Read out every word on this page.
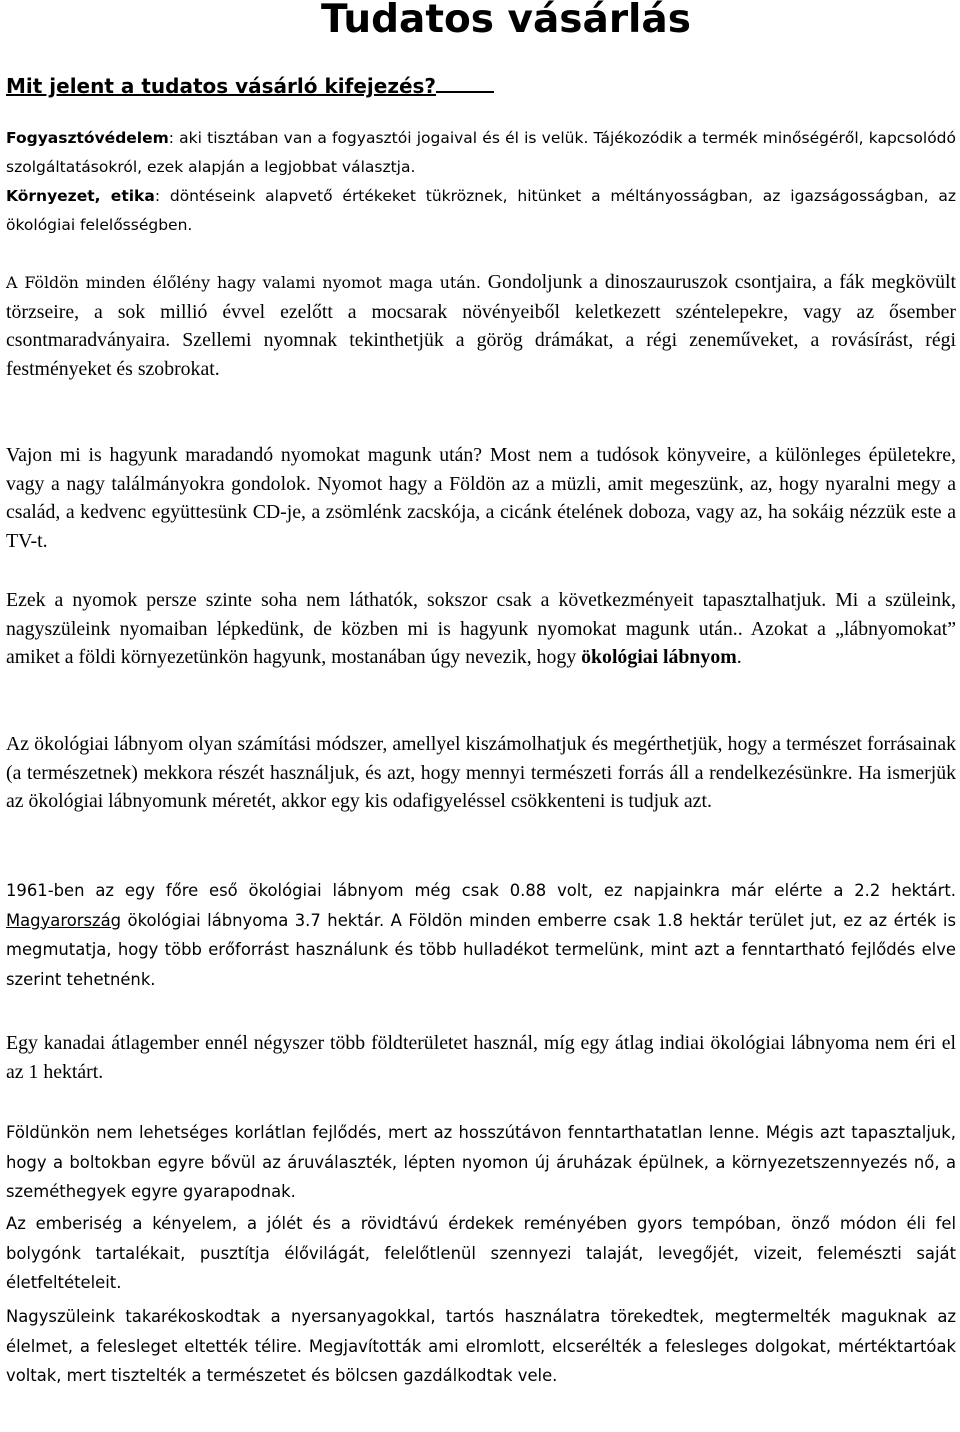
Tudatos vásárlás
Mit jelent a tudatos vásárló kifejezés?

Fogyasztóvédelem: aki tisztában van a fogyasztói jogaival és él is velük. Tájékozódik a termék minőségéről, kapcsolódó szolgáltatásokról, ezek alapján a legjobbat választja.

Környezet, etika: döntéseink alapvető értékeket tükröznek, hitünket a méltányosságban, az igazságosságban, az ökológiai felelősségben.

A Földön minden élőlény hagy valami nyomot maga után. Gondoljunk a dinoszauruszok csontjaira, a fák megkövült törzseire, a sok millió évvel ezelőtt a mocsarak növényeiből keletkezett széntelepekre, vagy az ősember csontmaradványaira. Szellemi nyomnak tekinthetjük a görög drámákat, a régi zeneműveket, a rovásírást, régi festményeket és szobrokat.

Vajon mi is hagyunk maradandó nyomokat magunk után? Most nem a tudósok könyveire, a különleges épületekre, vagy a nagy találmányokra gondolok. Nyomot hagy a Földön az a müzli, amit megeszünk, az, hogy nyaralni megy a család, a kedvenc együttesünk CD-je, a zsömlénk zacskója, a cicánk ételének doboza, vagy az, ha sokáig nézzük este a TV-t.

Ezek a nyomok persze szinte soha nem láthatók, sokszor csak a következményeit tapasztalhatjuk. Mi a szüleink, nagyszüleink nyomaiban lépkedünk, de közben mi is hagyunk nyomokat magunk után.. Azokat a „lábnyomokat” amiket a földi környezetünkön hagyunk, mostanában úgy nevezik, hogy ökológiai lábnyom.

Az ökológiai lábnyom olyan számítási módszer, amellyel kiszámolhatjuk és megérthetjük, hogy a természet forrásainak (a természetnek) mekkora részét használjuk, és azt, hogy mennyi természeti forrás áll a rendelkezésünkre. Ha ismerjük az ökológiai lábnyomunk méretét, akkor egy kis odafigyeléssel csökkenteni is tudjuk azt.

1961-ben az egy főre eső ökológiai lábnyom még csak 0.88 volt, ez napjainkra már elérte a 2.2 hektárt. Magyarország ökológiai lábnyoma 3.7 hektár. A Földön minden emberre csak 1.8 hektár terület jut, ez az érték is megmutatja, hogy több erőforrást használunk és több hulladékot termelünk, mint azt a fenntartható fejlődés elve szerint tehetnénk.

Egy kanadai átlagember ennél négyszer több földterületet használ, míg egy átlag indiai ökológiai lábnyoma nem éri el az 1 hektárt.

Földünkön nem lehetséges korlátlan fejlődés, mert az hosszútávon fenntarthatatlan lenne. Mégis azt tapasztaljuk, hogy a boltokban egyre bővül az áruválaszték, lépten nyomon új áruházak épülnek, a környezetszennyezés nő, a szeméthegyek egyre gyarapodnak.

Az emberiség a kényelem, a jólét és a rövidtávú érdekek reményében gyors tempóban, önző módon éli fel bolygónk tartalékait, pusztítja élővilágát, felelőtlenül szennyezi talaját, levegőjét, vizeit, felemészti saját életfeltételeit.

Nagyszüleink takarékoskodtak a nyersanyagokkal, tartós használatra törekedtek, megtermelték maguknak az élelmet, a felesleget eltették télire. Megjavították ami elromlott, elcserélték a felesleges dolgokat, mértéktartóak voltak, mert tisztelték a természetet és bölcsen gazdálkodtak vele.
